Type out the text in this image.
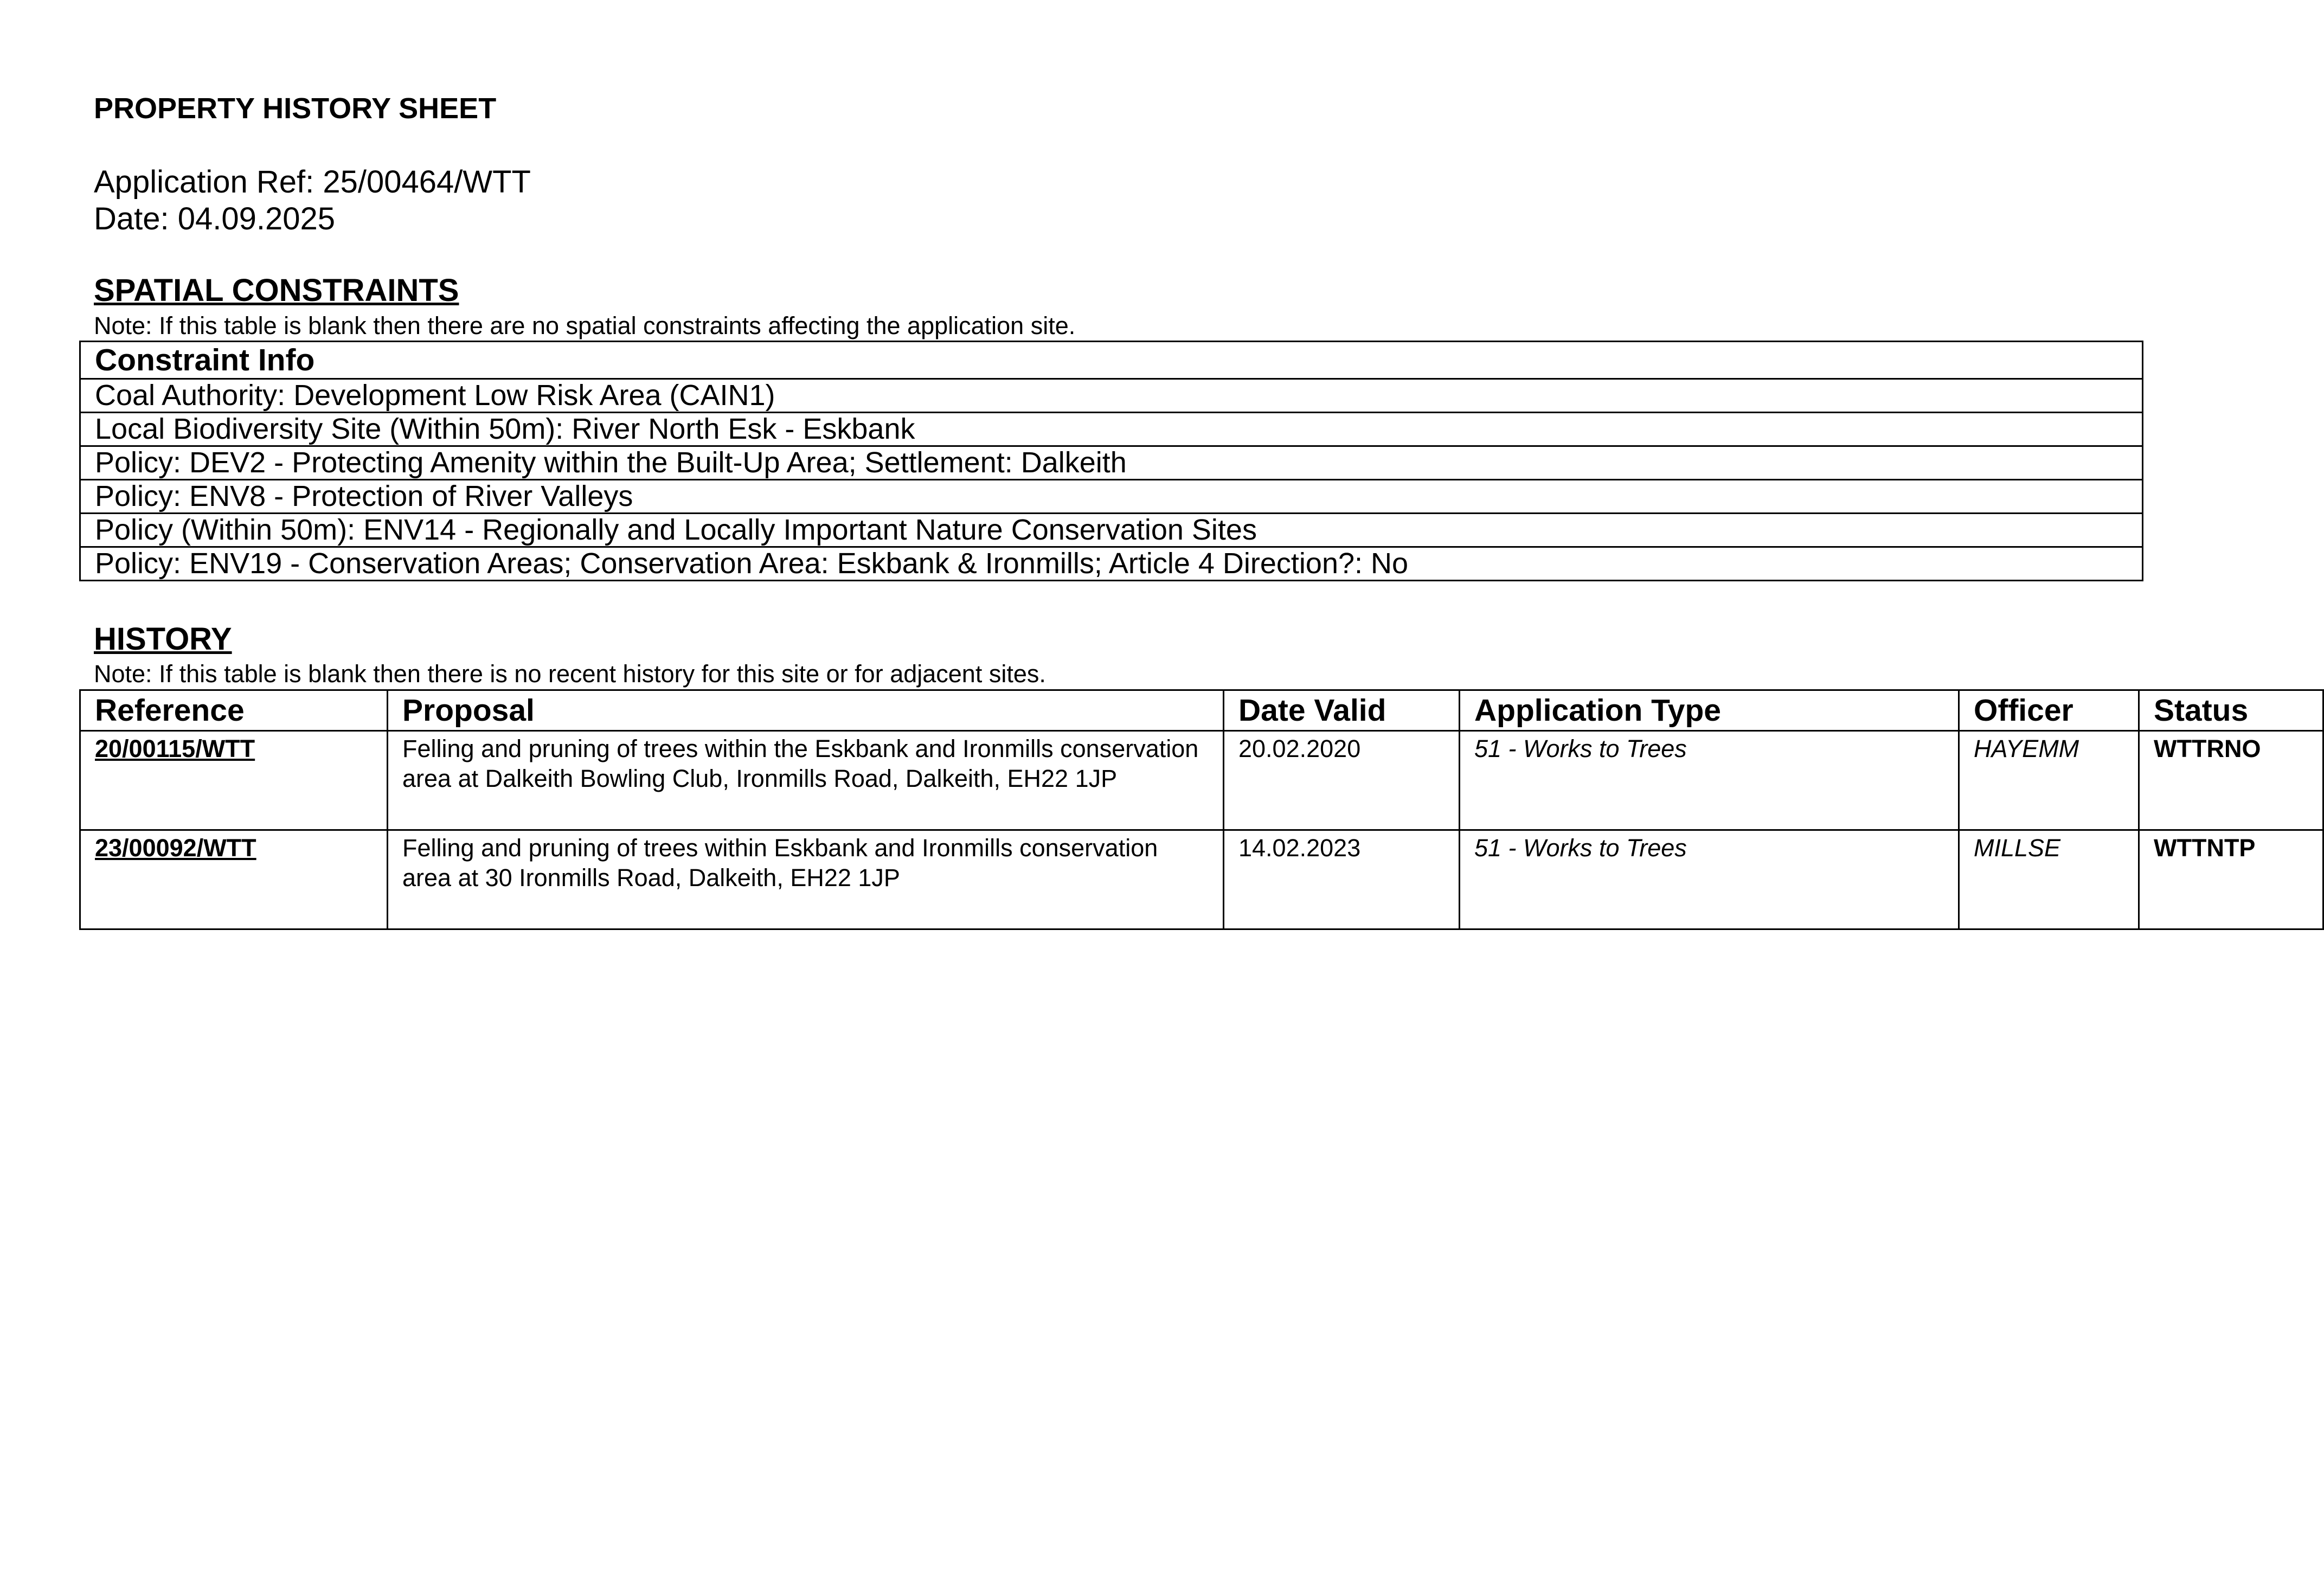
PROPERTY HISTORY SHEET
Application Ref: 25/00464/WTT
Date: 04.09.2025
SPATIAL CONSTRAINTS
Note: If this table is blank then there are no spatial constraints affecting the application site.
Constraint Info
Coal Authority: Development Low Risk Area (CAIN1)
Local Biodiversity Site (Within 50m): River North Esk - Eskbank
Policy: DEV2 - Protecting Amenity within the Built-Up Area; Settlement: Dalkeith
Policy: ENV8 - Protection of River Valleys
Policy (Within 50m): ENV14 - Regionally and Locally Important Nature Conservation Sites
Policy: ENV19 - Conservation Areas; Conservation Area: Eskbank & Ironmills; Article 4 Direction?: No
HISTORY
Note: If this table is blank then there is no recent history for this site or for adjacent sites.
Reference	Proposal	Date Valid	Application Type	Officer	Status
20/00115/WTT	Felling and pruning of trees within the Eskbank and Ironmills conservation area at Dalkeith Bowling Club, Ironmills Road, Dalkeith, EH22 1JP	20.02.2020	51 - Works to Trees	HAYEMM	WTTRNO
23/00092/WTT	Felling and pruning of trees within Eskbank and Ironmills conservation area at 30 Ironmills Road, Dalkeith, EH22 1JP	14.02.2023	51 - Works to Trees	MILLSE	WTTNTP
